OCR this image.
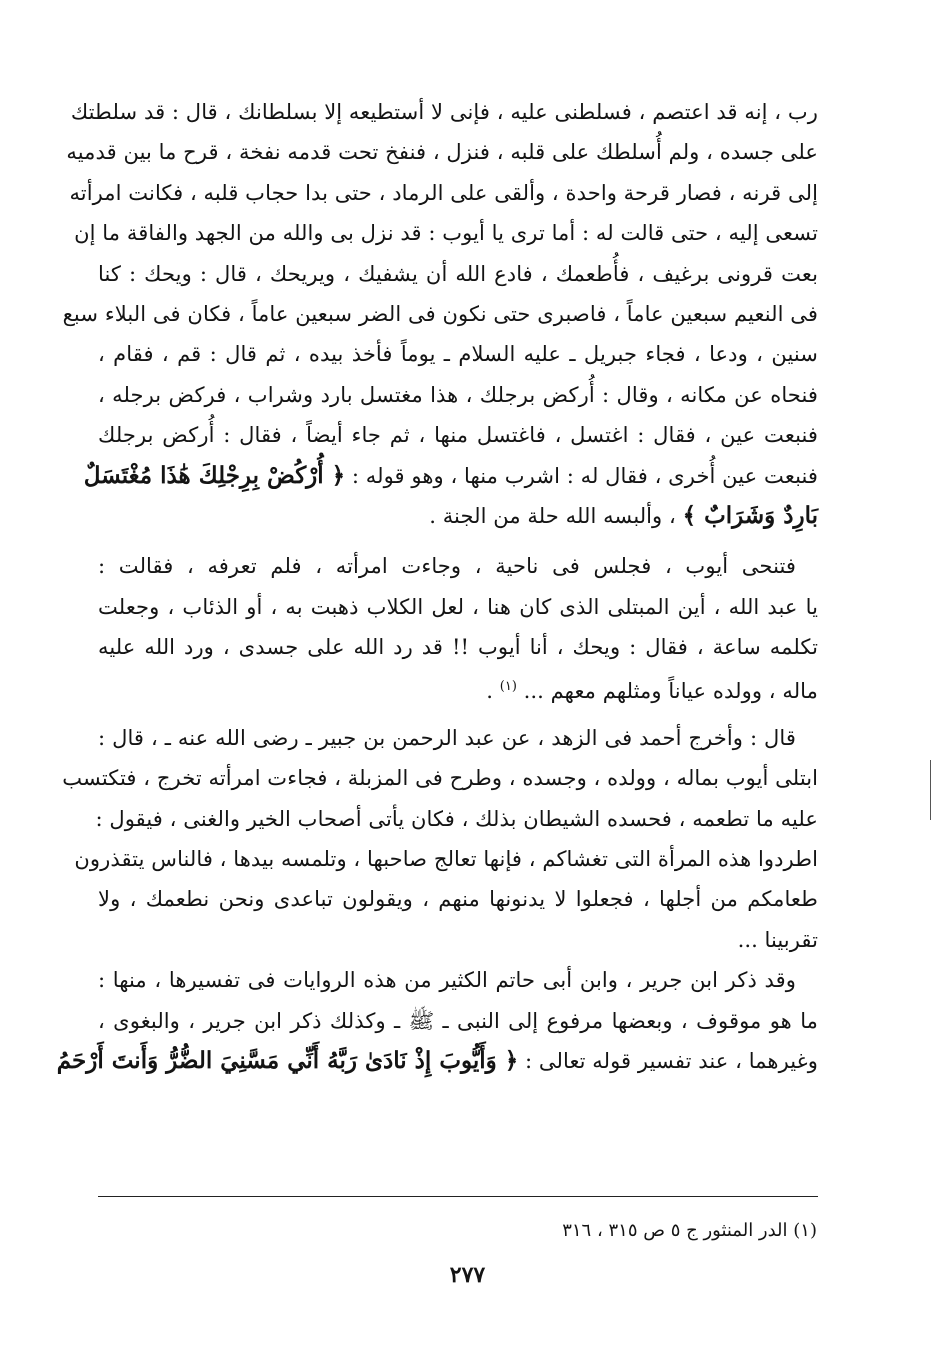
رب ، إنه قد اعتصم ، فسلطنى عليه ، فإنى لا أستطيعه إلا بسلطانك ، قال : قد سلطتك
على جسده ، ولم أُسلطك على قلبه ، فنزل ، فنفخ تحت قدمه نفخة ، قرح ما بين قدميه
إلى قرنه ، فصار قرحة واحدة ، وألقى على الرماد ، حتى بدا حجاب قلبه ، فكانت امرأته
تسعى إليه ، حتى قالت له : أما ترى يا أيوب : قد نزل بى والله من الجهد والفاقة ما إن
بعت قرونى برغيف ، فأُطعمك ، فادع الله أن يشفيك ، ويريحك ، قال : ويحك : كنا
فى النعيم سبعين عاماً ، فاصبرى حتى نكون فى الضر سبعين عاماً ، فكان فى البلاء سبع
سنين ، ودعا ، فجاء جبريل ـ عليه السلام ـ يوماً فأخذ بيده ، ثم قال : قم ، فقام ،
فنحاه عن مكانه ، وقال : أُركض برجلك ، هذا مغتسل بارد وشراب ، فركض برجله ،
فنبعت عين ، فقال : اغتسل ، فاغتسل منها ، ثم جاء أيضاً ، فقال : أُركض برجلك
فنبعت عين أُخرى ، فقال له : اشرب منها ، وهو قوله : ﴿ أُرْكُضْ بِرِجْلِكَ هَٰذَا مُغْتَسَلٌ
بَارِدٌ وَشَرَابٌ ﴾ ، وألبسه الله حلة من الجنة .
فتنحى أيوب ، فجلس فى ناحية ، وجاءت امرأته ، فلم تعرفه ، فقالت :
يا عبد الله ، أين المبتلى الذى كان هنا ، لعل الكلاب ذهبت به ، أو الذئاب ، وجعلت
تكلمه ساعة ، فقال : ويحك ، أنا أيوب !! قد رد الله على جسدى ، ورد الله عليه
ماله ، وولده عياناً ومثلهم معهم ... $^{(١)}$ .
قال : وأخرج أحمد فى الزهد ، عن عبد الرحمن بن جبير ـ رضى الله عنه ـ ، قال :
ابتلى أيوب بماله ، وولده ، وجسده ، وطرح فى المزبلة ، فجاءت امرأته تخرج ، فتكتسب
عليه ما تطعمه ، فحسده الشيطان بذلك ، فكان يأتى أصحاب الخير والغنى ، فيقول :
اطردوا هذه المرأة التى تغشاكم ، فإنها تعالج صاحبها ، وتلمسه بيدها ، فالناس يتقذرون
طعامكم من أجلها ، فجعلوا لا يدنونها منهم ، ويقولون تباعدى ونحن نطعمك ، ولا
تقربينا ...
وقد ذكر ابن جرير ، وابن أبى حاتم الكثير من هذه الروايات فى تفسيرها ، منها :
ما هو موقوف ، وبعضها مرفوع إلى النبى ـ ﷺ ـ وكذلك ذكر ابن جرير ، والبغوى ،
وغيرهما ، عند تفسير قوله تعالى : ﴿ وَأَيُّوبَ إِذْ نَادَىٰ رَبَّهُ أَنِّي مَسَّنِيَ الضُّرُّ وَأَنتَ أَرْحَمُ
(١) الدر المنثور ج ٥ ص ٣١٥ ، ٣١٦
٢٧٧
